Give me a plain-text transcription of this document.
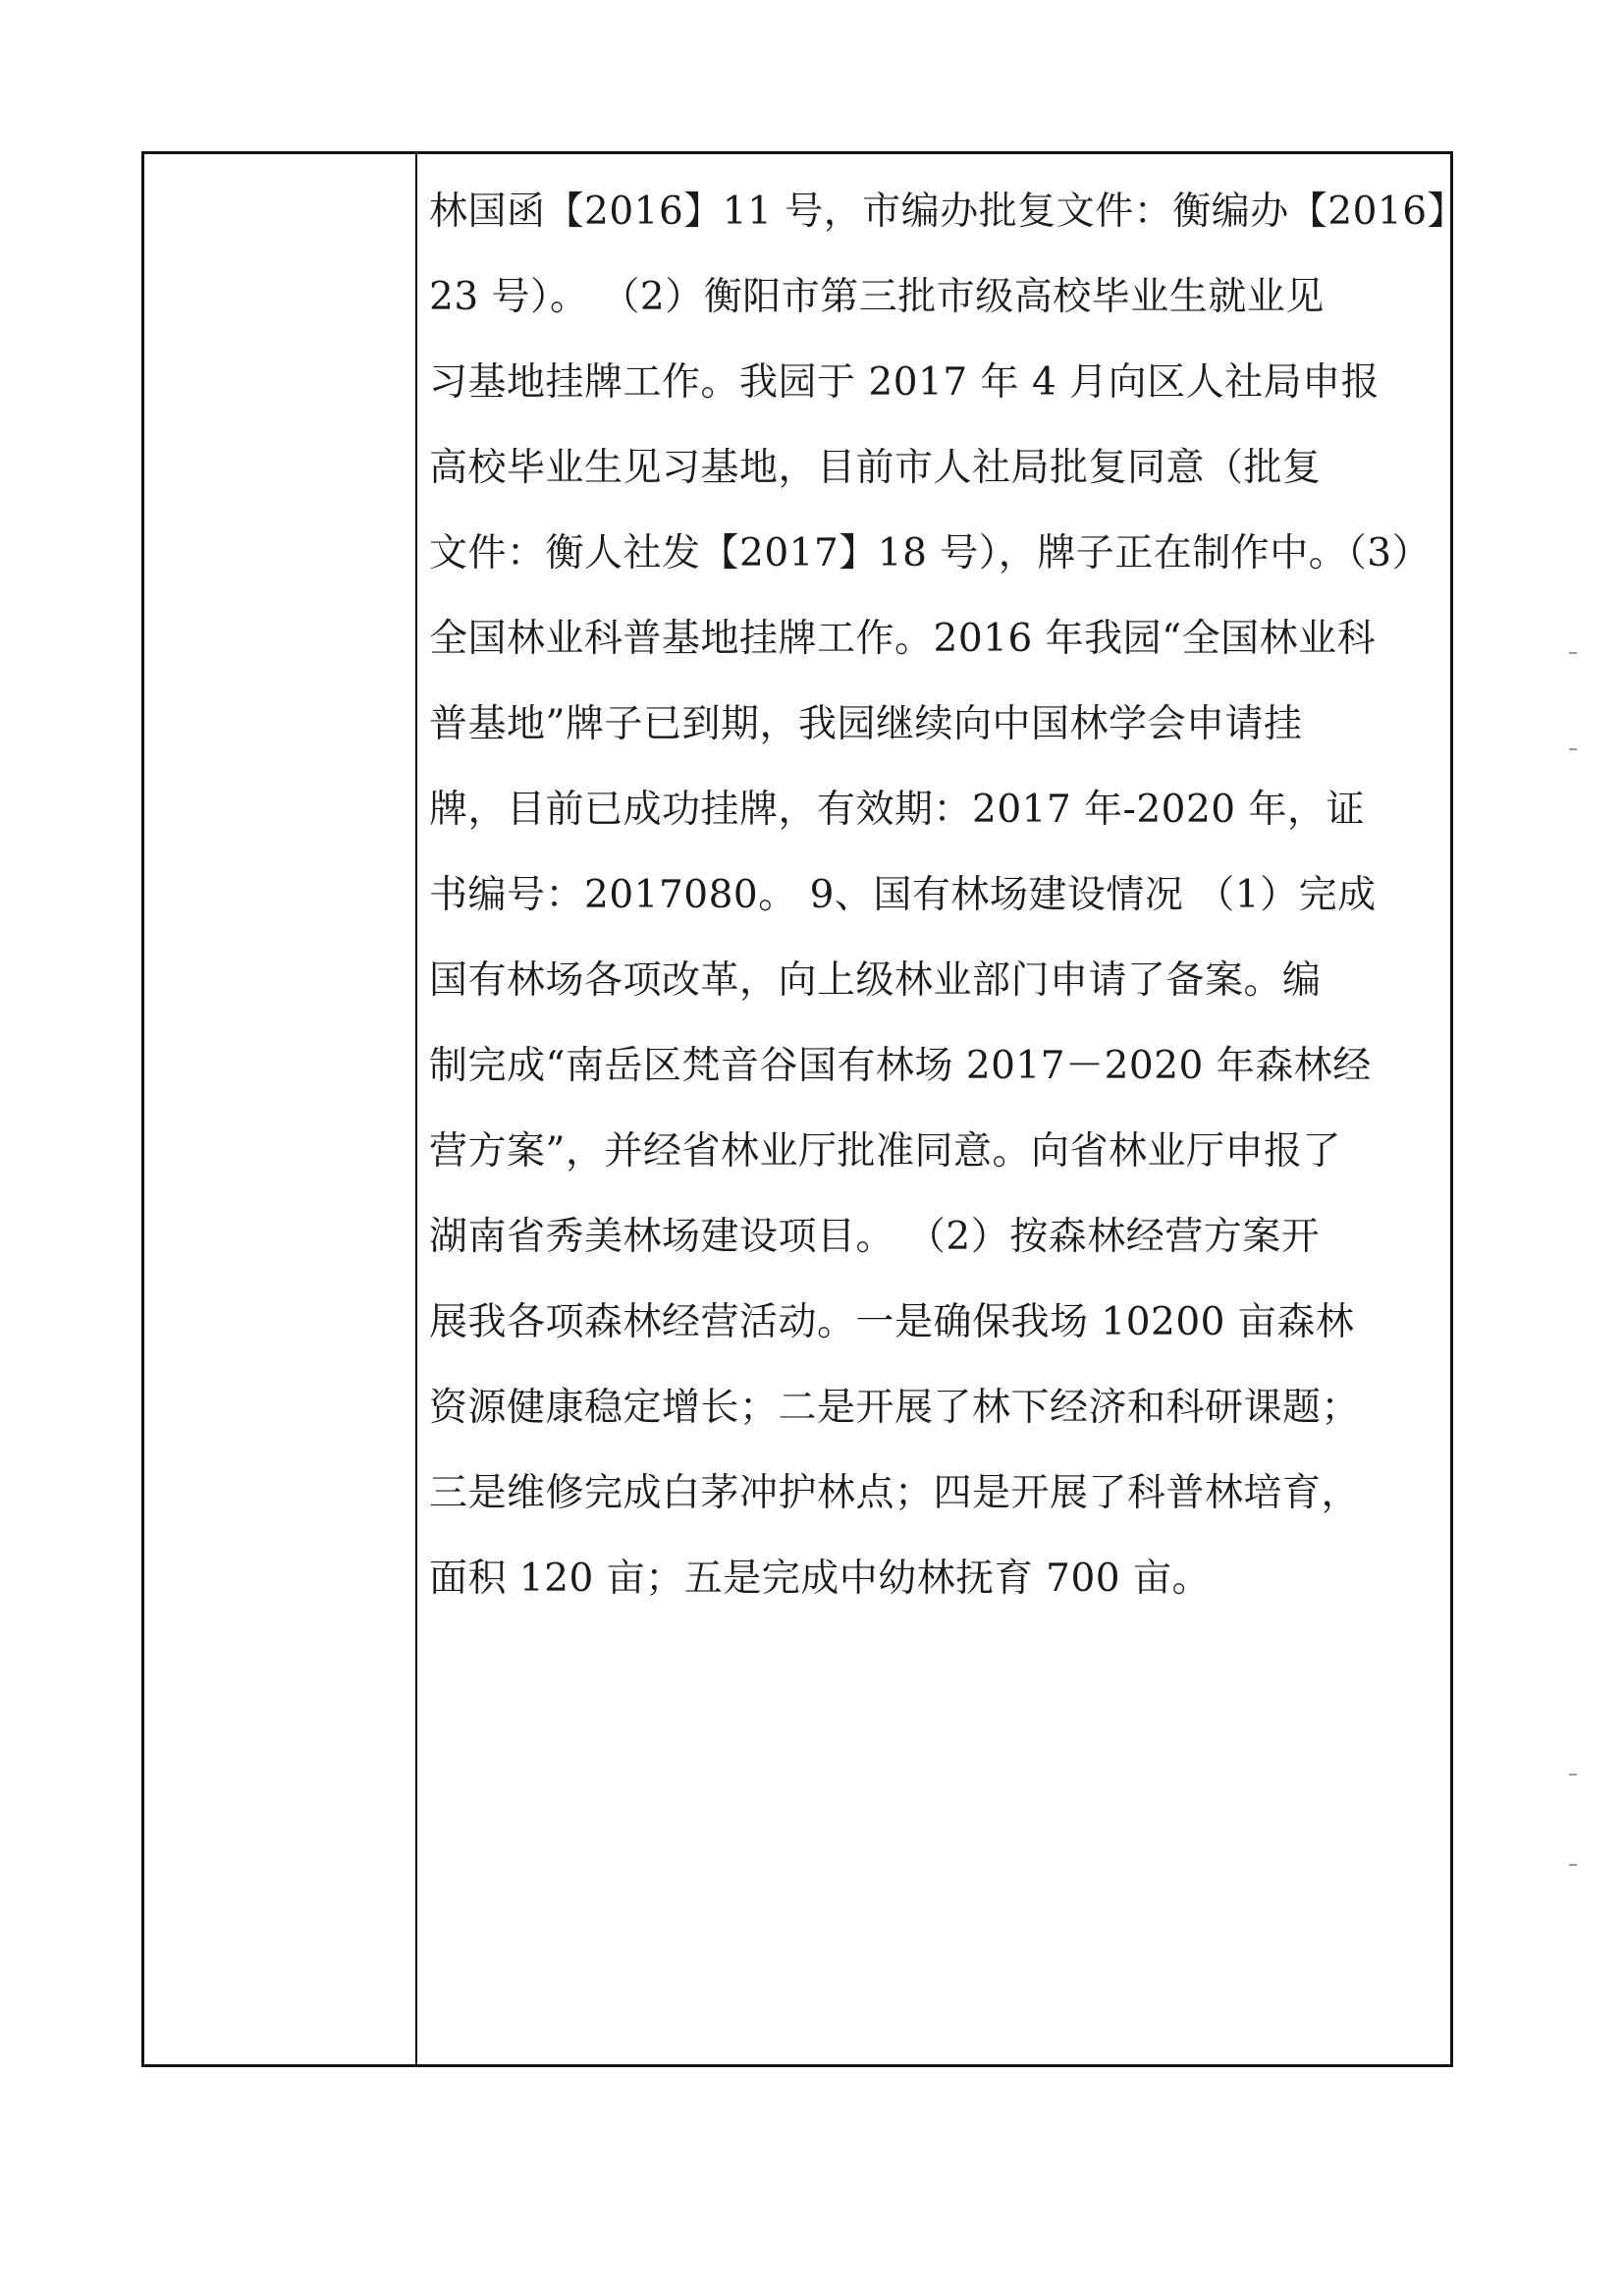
林国函【2016】11 号，市编办批复文件：衡编办【2016】
23 号）。 （2）衡阳市第三批市级高校毕业生就业见
习基地挂牌工作。我园于 2017 年 4 月向区人社局申报
高校毕业生见习基地，目前市人社局批复同意（批复
文件：衡人社发【2017】18 号），牌子正在制作中。（3）
全国林业科普基地挂牌工作。2016 年我园“全国林业科
普基地”牌子已到期，我园继续向中国林学会申请挂
牌，目前已成功挂牌，有效期：2017 年-2020 年，证
书编号：2017080。 9、国有林场建设情况 （1）完成
国有林场各项改革，向上级林业部门申请了备案。编
制完成“南岳区梵音谷国有林场 2017－2020 年森林经
营方案”，并经省林业厅批准同意。向省林业厅申报了
湖南省秀美林场建设项目。 （2）按森林经营方案开
展我各项森林经营活动。一是确保我场 10200 亩森林
资源健康稳定增长；二是开展了林下经济和科研课题；
三是维修完成白茅冲护林点；四是开展了科普林培育，
面积 120 亩；五是完成中幼林抚育 700 亩。
